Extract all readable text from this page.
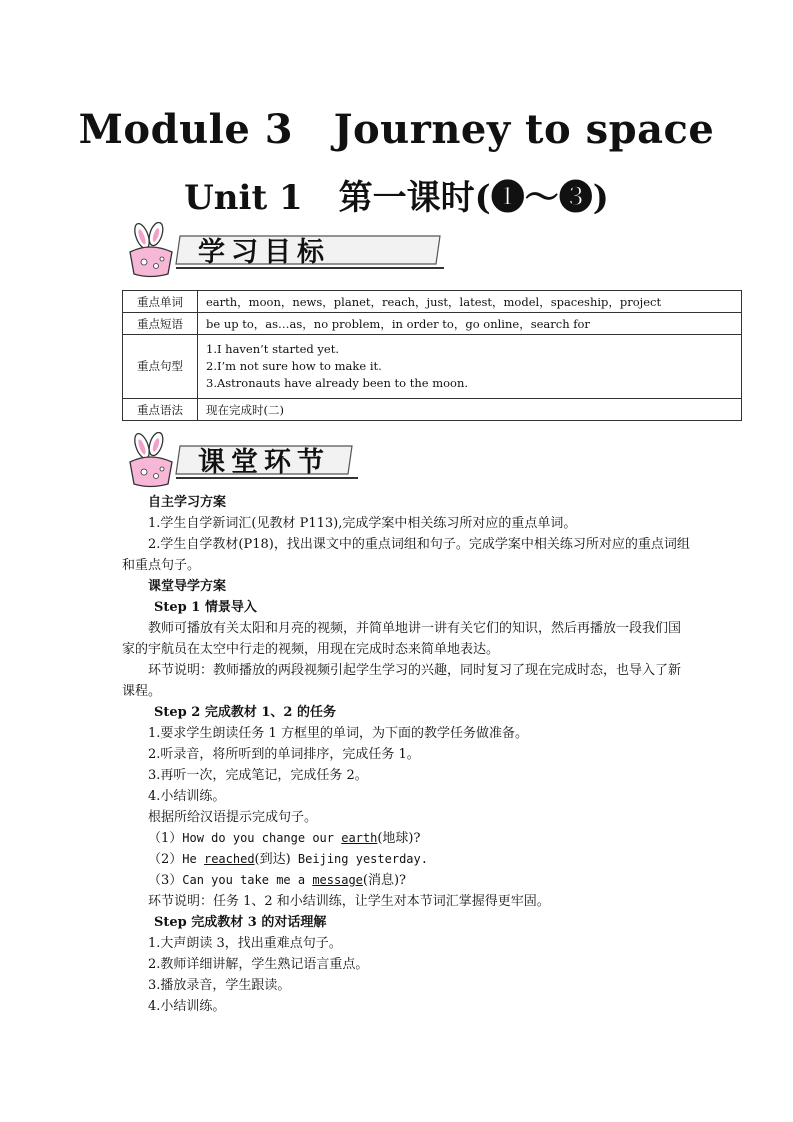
Module 3　Journey to space
Unit 1 第一课时(❶～❸)
学习目标
重点单词	earth，moon，news，planet，reach，just，latest，model，spaceship，project
重点短语	be up to，as…as，no problem，in order to，go online，search for
重点句型	1.I haven’t started yet.
2.I’m not sure how to make it.
3.Astronauts have already been to the moon.

重点语法	现在完成时(二)
课堂环节

自主学习方案

1.学生自学新词汇(见教材 P113),完成学案中相关练习所对应的重点单词。

2.学生自学教材(P18)，找出课文中的重点词组和句子。完成学案中相关练习所对应的重点词组和重点句子。

课堂导学方案

Step 1 情景导入

教师可播放有关太阳和月亮的视频，并简单地讲一讲有关它们的知识，然后再播放一段我们国家的宇航员在太空中行走的视频，用现在完成时态来简单地表达。

环节说明：教师播放的两段视频引起学生学习的兴趣，同时复习了现在完成时态，也导入了新课程。

Step 2 完成教材 1、2 的任务

1.要求学生朗读任务 1 方框里的单词，为下面的教学任务做准备。

2.听录音，将所听到的单词排序，完成任务 1。

3.再听一次，完成笔记，完成任务 2。

4.小结训练。

根据所给汉语提示完成句子。

（1）How do you change our earth(地球)?

（2）He reached(到达) Beijing yesterday.

（3）Can you take me a message(消息)?

环节说明：任务 1、2 和小结训练，让学生对本节词汇掌握得更牢固。

Step 完成教材 3 的对话理解

1.大声朗读 3，找出重难点句子。

2.教师详细讲解，学生熟记语言重点。

3.播放录音，学生跟读。

4.小结训练。
